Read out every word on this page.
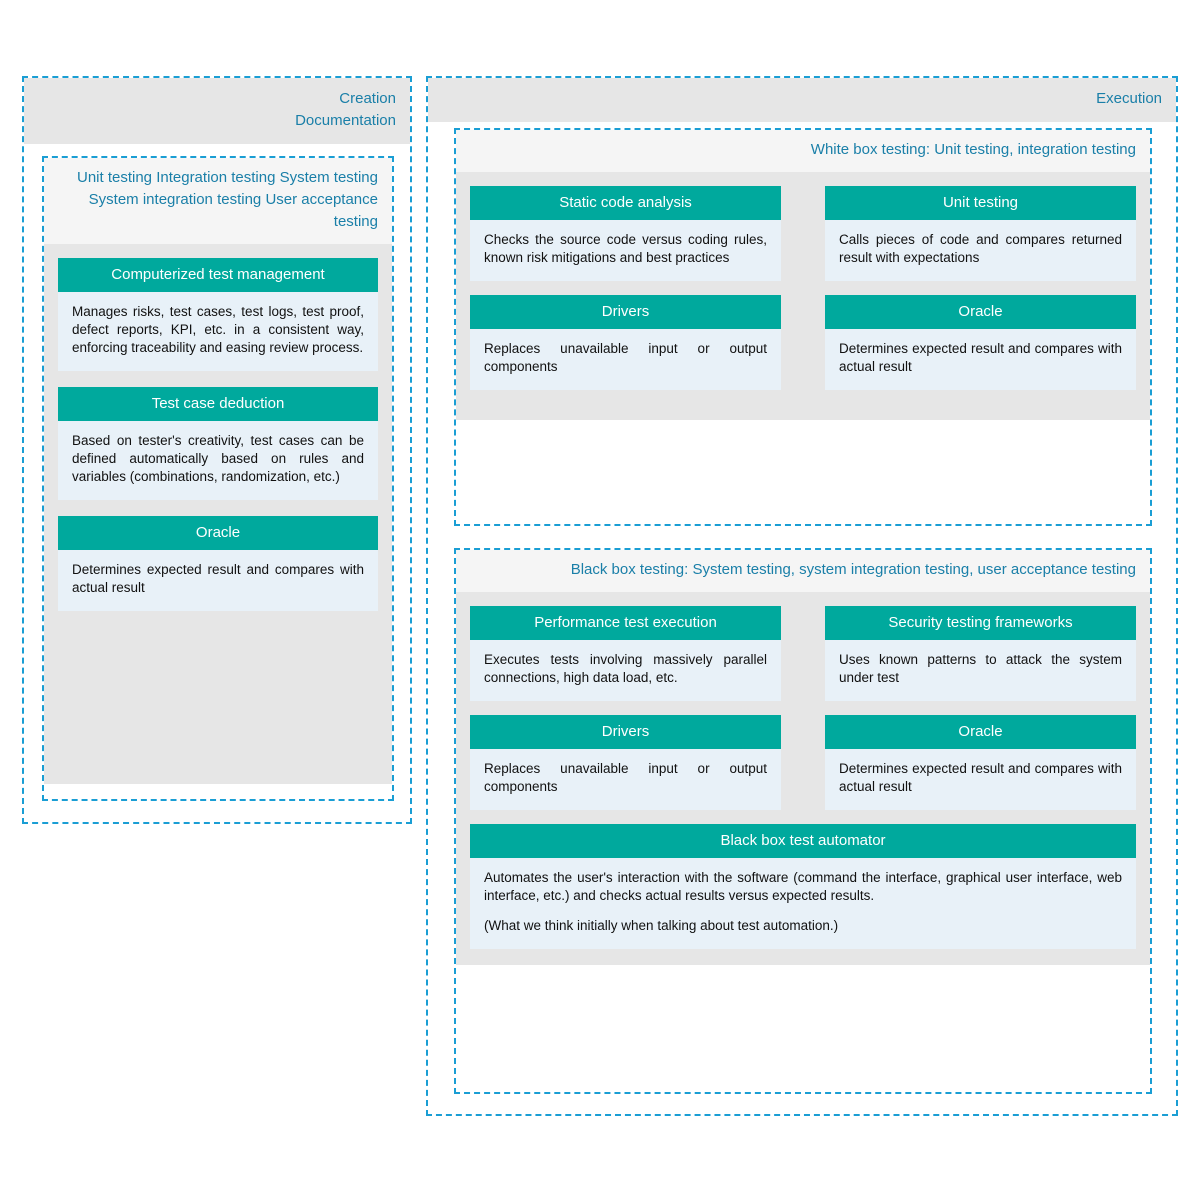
Creation
Documentation
Unit testing Integration testing System testing System integration testing User acceptance testing
Computerized test management

Manages risks, test cases, test logs, test proof, defect reports, KPI, etc. in a consistent way, enforcing traceability and easing review process.

Test case deduction

Based on tester's creativity, test cases can be defined automatically based on rules and variables (combinations, randomization, etc.)

Oracle

Determines expected result and compares with actual result

Execution
White box testing: Unit testing, integration testing
Static code analysis

Checks the source code versus coding rules, known risk mitigations and best practices

Drivers

Replaces unavailable input or output components

Unit testing

Calls pieces of code and compares returned result with expectations

Oracle

Determines expected result and compares with actual result

Black box testing: System testing, system integration testing, user acceptance testing
Performance test execution

Executes tests involving massively parallel connections, high data load, etc.

Drivers

Replaces unavailable input or output components

Security testing frameworks

Uses known patterns to attack the system under test

Oracle

Determines expected result and compares with actual result

Black box test automator

Automates the user's interaction with the software (command the interface, graphical user interface, web interface, etc.) and checks actual results versus expected results.

(What we think initially when talking about test automation.)
